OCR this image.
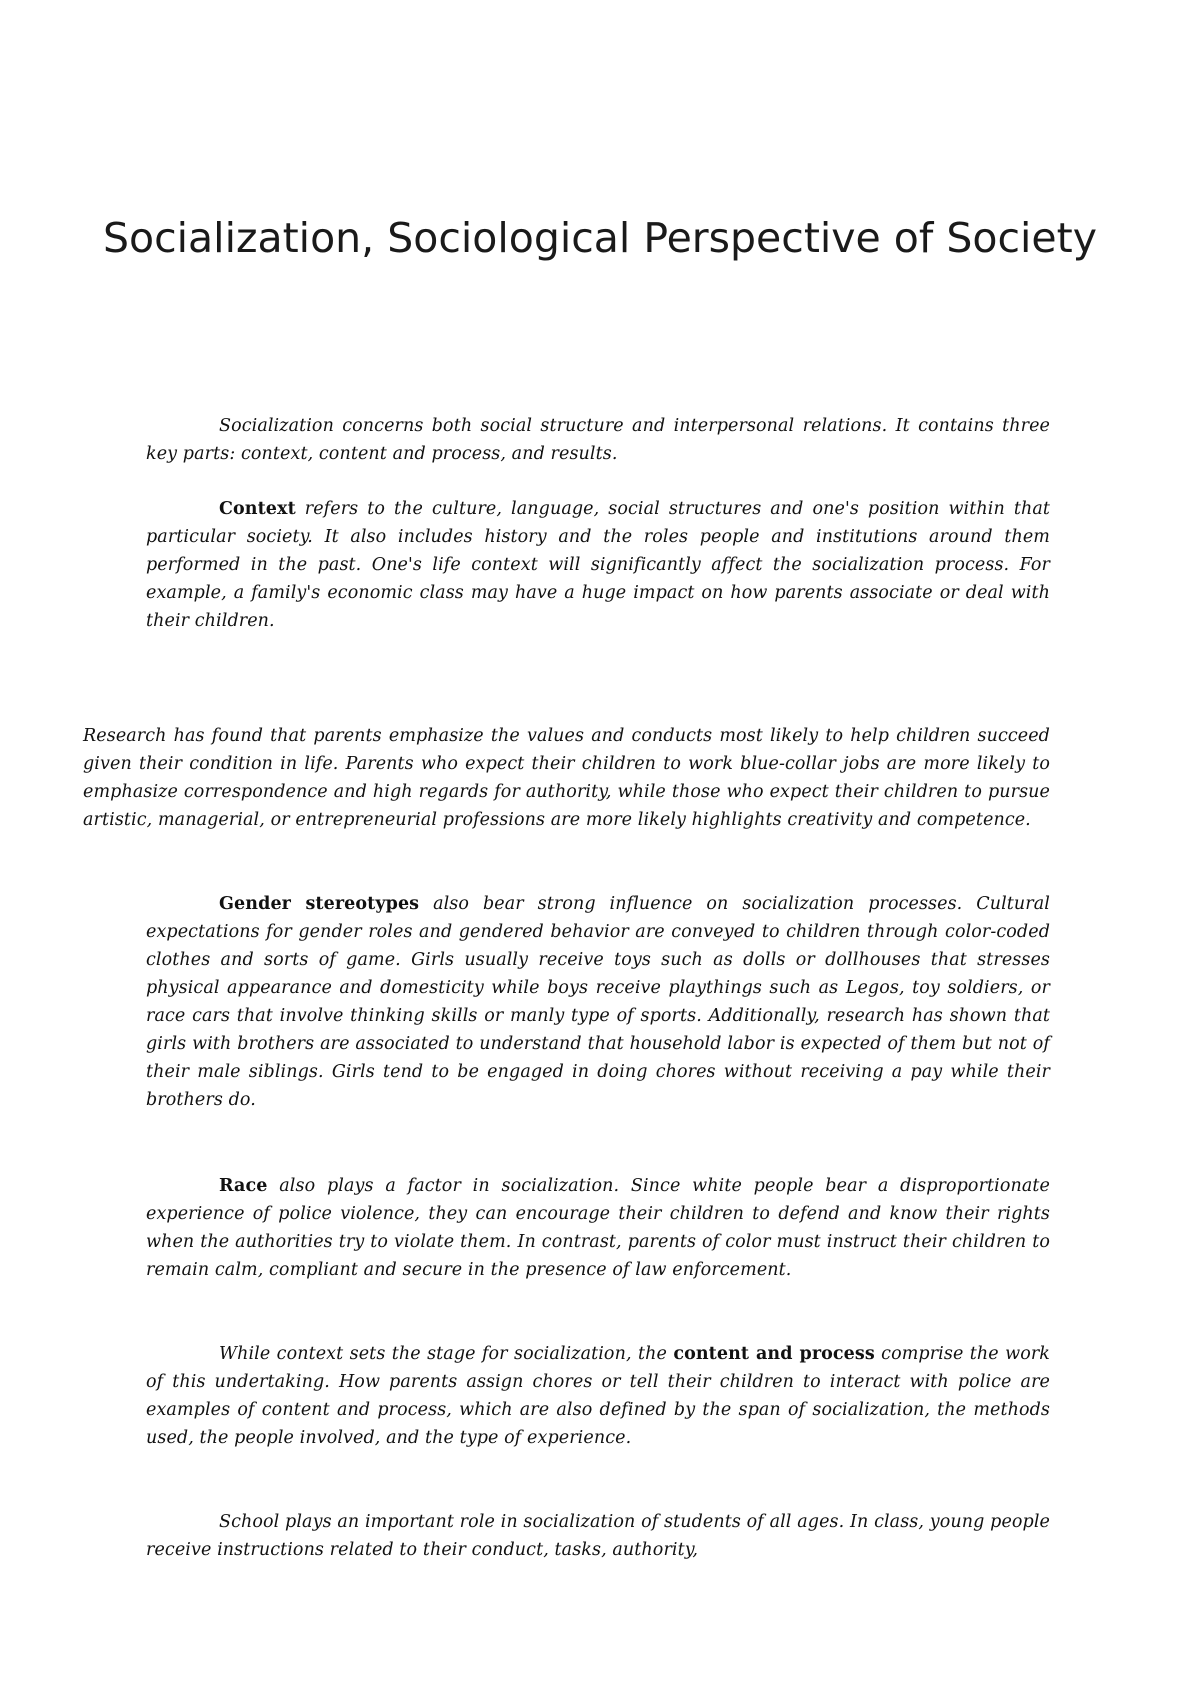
Socialization, Sociological Perspective of Society

Socialization concerns both social structure and interpersonal relations. It contains three key parts: context, content and process, and results.

Context refers to the culture, language, social structures and one's position within that particular society. It also includes history and the roles people and institutions around them performed in the past. One's life context will significantly affect the socialization process. For example, a family's economic class may have a huge impact on how parents associate or deal with their children.

Research has found that parents emphasize the values and conducts most likely to help children succeed given their condition in life. Parents who expect their children to work blue-collar jobs are more likely to emphasize correspondence and high regards for authority, while those who expect their children to pursue artistic, managerial, or entrepreneurial professions are more likely highlights creativity and competence.

Gender stereotypes also bear strong influence on socialization processes. Cultural expectations for gender roles and gendered behavior are conveyed to children through color-coded clothes and sorts of game. Girls usually receive toys such as dolls or dollhouses that stresses physical appearance and domesticity while boys receive playthings such as Legos, toy soldiers, or race cars that involve thinking skills or manly type of sports. Additionally, research has shown that girls with brothers are associated to understand that household labor is expected of them but not of their male siblings. Girls tend to be engaged in doing chores without receiving a pay while their brothers do.

Race also plays a factor in socialization. Since white people bear a disproportionate experience of police violence, they can encourage their children to defend and know their rights when the authorities try to violate them. In contrast, parents of color must instruct their children to remain calm, compliant and secure in the presence of law enforcement.

While context sets the stage for socialization, the content and process comprise the work of this undertaking. How parents assign chores or tell their children to interact with police are examples of content and process, which are also defined by the span of socialization, the methods used, the people involved, and the type of experience.

School plays an important role in socialization of students of all ages. In class, young people receive instructions related to their conduct, tasks, authority,
